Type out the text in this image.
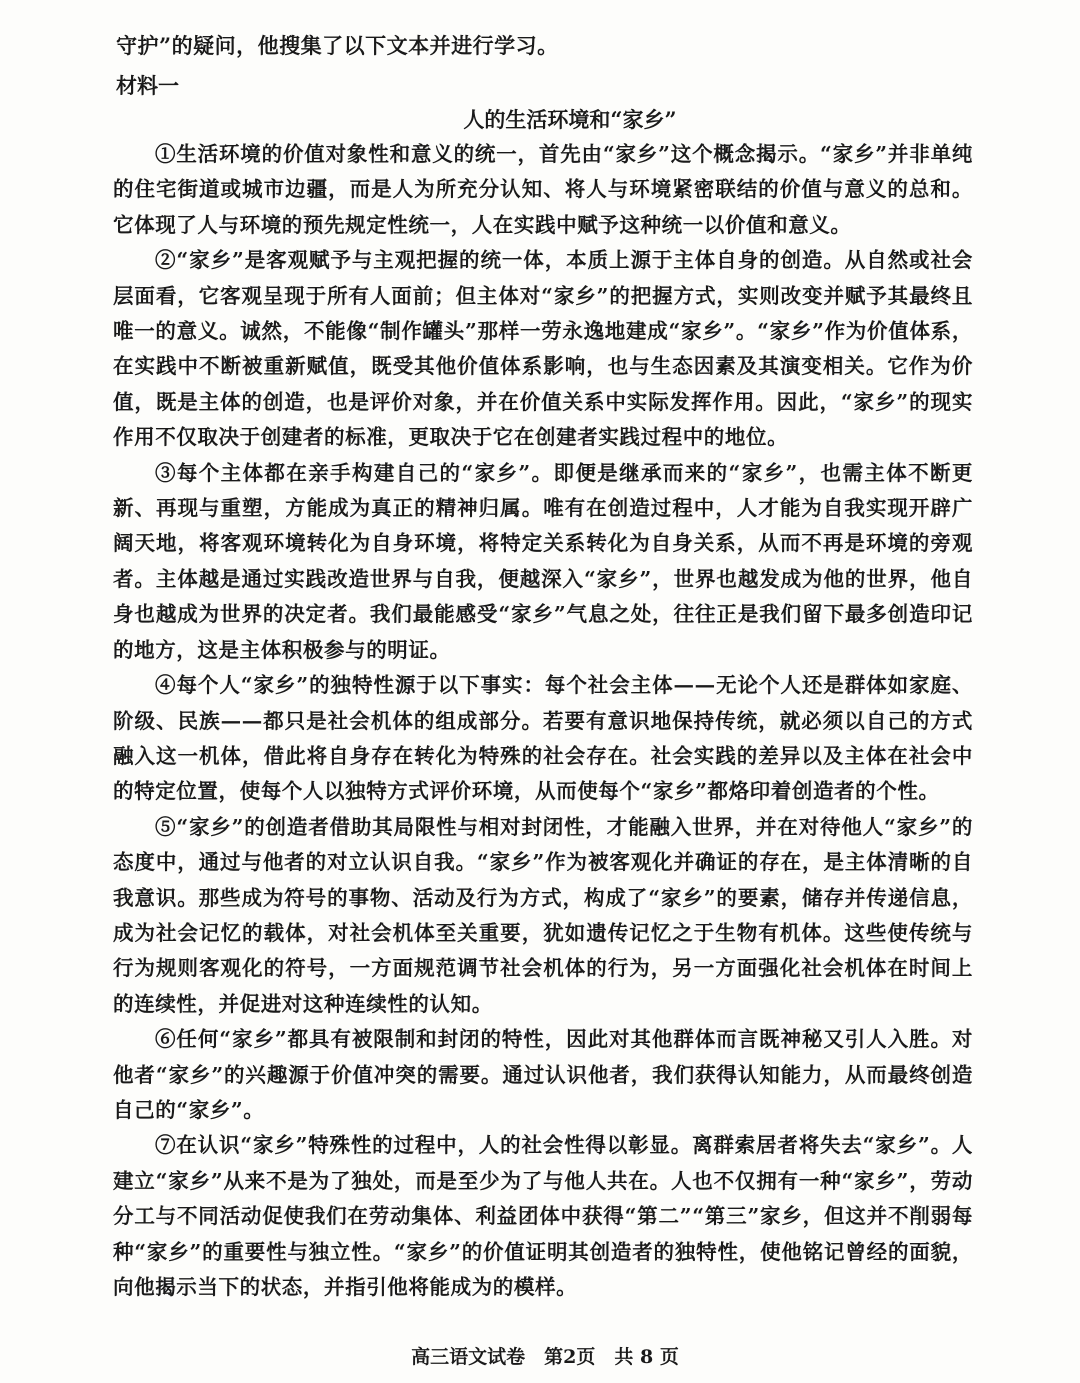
守护”的疑问，他搜集了以下文本并进行学习。

材料一

人的生活环境和“家乡”

①生活环境的价值对象性和意义的统一，首先由“家乡”这个概念揭示。“家乡”并非单纯的住宅街道或城市边疆，而是人为所充分认知、将人与环境紧密联结的价值与意义的总和。它体现了人与环境的预先规定性统一，人在实践中赋予这种统一以价值和意义。

②“家乡”是客观赋予与主观把握的统一体，本质上源于主体自身的创造。从自然或社会层面看，它客观呈现于所有人面前；但主体对“家乡”的把握方式，实则改变并赋予其最终且唯一的意义。诚然，不能像“制作罐头”那样一劳永逸地建成“家乡”。“家乡”作为价值体系，在实践中不断被重新赋值，既受其他价值体系影响，也与生态因素及其演变相关。它作为价值，既是主体的创造，也是评价对象，并在价值关系中实际发挥作用。因此，“家乡”的现实作用不仅取决于创建者的标准，更取决于它在创建者实践过程中的地位。

③每个主体都在亲手构建自己的“家乡”。即便是继承而来的“家乡”，也需主体不断更新、再现与重塑，方能成为真正的精神归属。唯有在创造过程中，人才能为自我实现开辟广阔天地，将客观环境转化为自身环境，将特定关系转化为自身关系，从而不再是环境的旁观者。主体越是通过实践改造世界与自我，便越深入“家乡”，世界也越发成为他的世界，他自身也越成为世界的决定者。我们最能感受“家乡”气息之处，往往正是我们留下最多创造印记的地方，这是主体积极参与的明证。

④每个人“家乡”的独特性源于以下事实：每个社会主体——无论个人还是群体如家庭、阶级、民族——都只是社会机体的组成部分。若要有意识地保持传统，就必须以自己的方式融入这一机体，借此将自身存在转化为特殊的社会存在。社会实践的差异以及主体在社会中的特定位置，使每个人以独特方式评价环境，从而使每个“家乡”都烙印着创造者的个性。

⑤“家乡”的创造者借助其局限性与相对封闭性，才能融入世界，并在对待他人“家乡”的态度中，通过与他者的对立认识自我。“家乡”作为被客观化并确证的存在，是主体清晰的自我意识。那些成为符号的事物、活动及行为方式，构成了“家乡”的要素，储存并传递信息，成为社会记忆的载体，对社会机体至关重要，犹如遗传记忆之于生物有机体。这些使传统与行为规则客观化的符号，一方面规范调节社会机体的行为，另一方面强化社会机体在时间上的连续性，并促进对这种连续性的认知。

⑥任何“家乡”都具有被限制和封闭的特性，因此对其他群体而言既神秘又引人入胜。对他者“家乡”的兴趣源于价值冲突的需要。通过认识他者，我们获得认知能力，从而最终创造自己的“家乡”。

⑦在认识“家乡”特殊性的过程中，人的社会性得以彰显。离群索居者将失去“家乡”。人建立“家乡”从来不是为了独处，而是至少为了与他人共在。人也不仅拥有一种“家乡”，劳动分工与不同活动促使我们在劳动集体、利益团体中获得“第二”“第三”家乡，但这并不削弱每种“家乡”的重要性与独立性。“家乡”的价值证明其创造者的独特性，使他铭记曾经的面貌，向他揭示当下的状态，并指引他将能成为的模样。

高三语文试卷　第2页　共 8 页
